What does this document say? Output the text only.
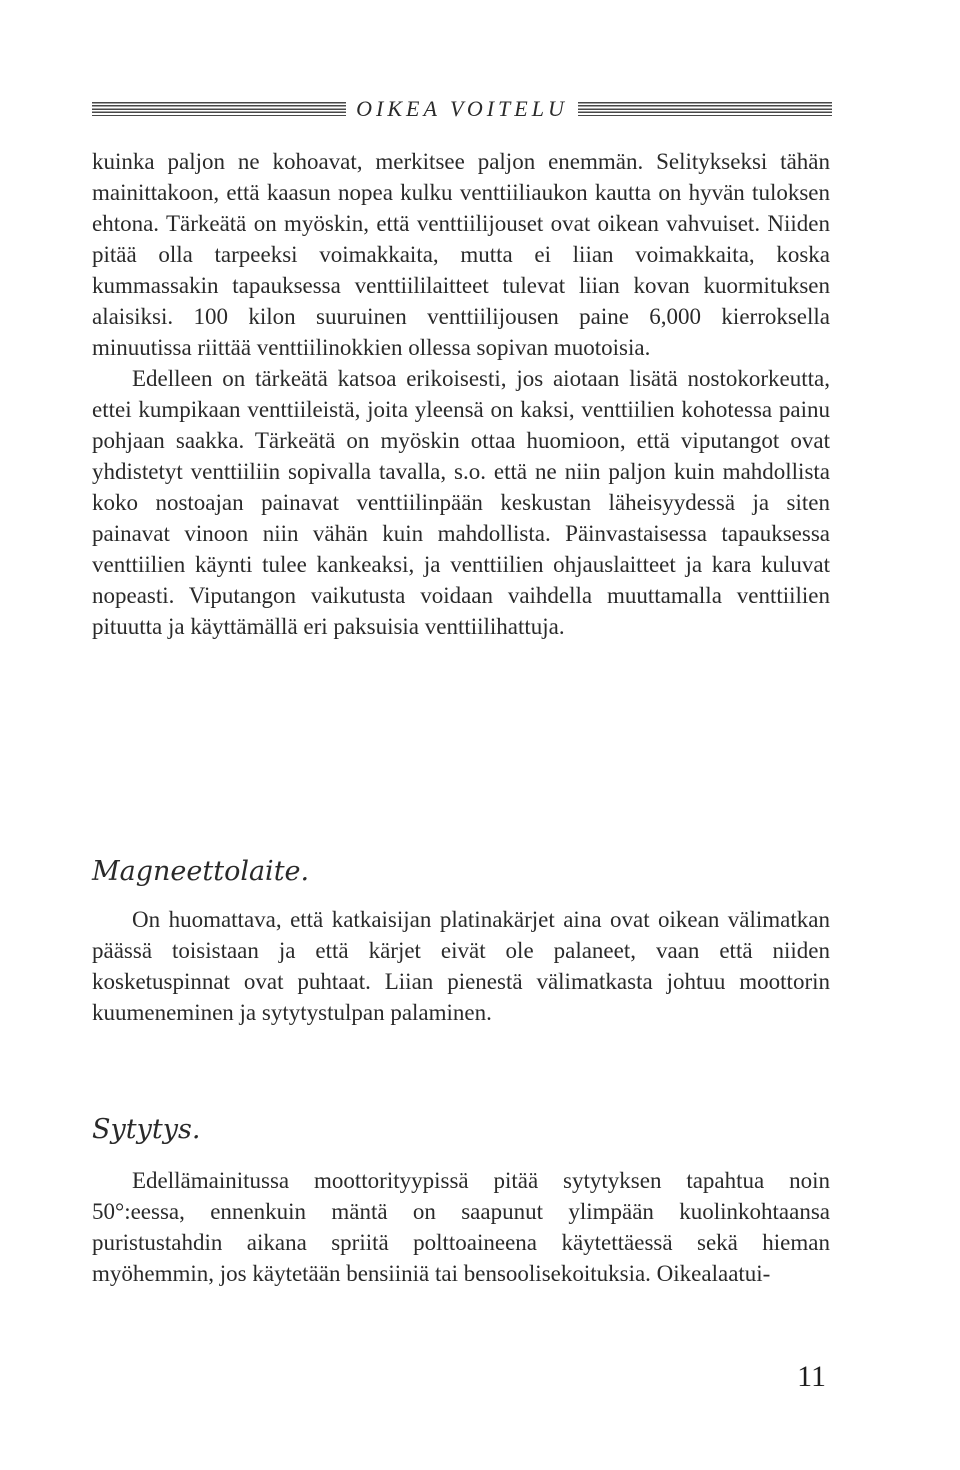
OIKEA VOITELU

kuinka paljon ne kohoavat, merkitsee paljon enemmän. Selitykseksi tähän mainittakoon, että kaasun nopea kulku venttiiliaukon kautta on hyvän tuloksen ehtona. Tärkeätä on myöskin, että venttiilijouset ovat oikean vahvuiset. Niiden pitää olla tarpeeksi voimakkaita, mutta ei liian voimakkaita, koska kummassakin tapauksessa venttiililaitteet tulevat liian kovan kuormituksen alaisiksi. 100 kilon suuruinen venttiilijousen paine 6,000 kierroksella minuutissa riittää venttiilinokkien ollessa sopivan muotoisia.

Edelleen on tärkeätä katsoa erikoisesti, jos aiotaan lisätä nostokorkeutta, ettei kumpikaan venttiileistä, joita yleensä on kaksi, venttiilien kohotessa painu pohjaan saakka. Tärkeätä on myöskin ottaa huomioon, että viputangot ovat yhdistetyt venttiiliin sopivalla tavalla, s.o. että ne niin paljon kuin mahdollista koko nostoajan painavat venttiilinpään keskustan läheisyydessä ja siten painavat vinoon niin vähän kuin mahdollista. Päinvastaisessa tapauksessa venttiilien käynti tulee kankeaksi, ja venttiilien ohjauslaitteet ja kara kuluvat nopeasti. Viputangon vaikutusta voidaan vaihdella muuttamalla venttiilien pituutta ja käyttämällä eri paksuisia venttiilihattuja.

Magneettolaite.

On huomattava, että katkaisijan platinakärjet aina ovat oikean välimatkan päässä toisistaan ja että kärjet eivät ole palaneet, vaan että niiden kosketuspinnat ovat puhtaat. Liian pienestä välimatkasta johtuu moottorin kuumeneminen ja sytytystulpan palaminen.

Sytytys.

Edellämainitussa moottorityypissä pitää sytytyksen tapahtua noin 50°:eessa, ennenkuin mäntä on saapunut ylimpään kuolinkohtaansa puristustahdin aikana spriitä polttoaineena käytettäessä sekä hieman myöhemmin, jos käytetään bensiiniä tai bensoolisekoituksia. Oikealaatui-

11
